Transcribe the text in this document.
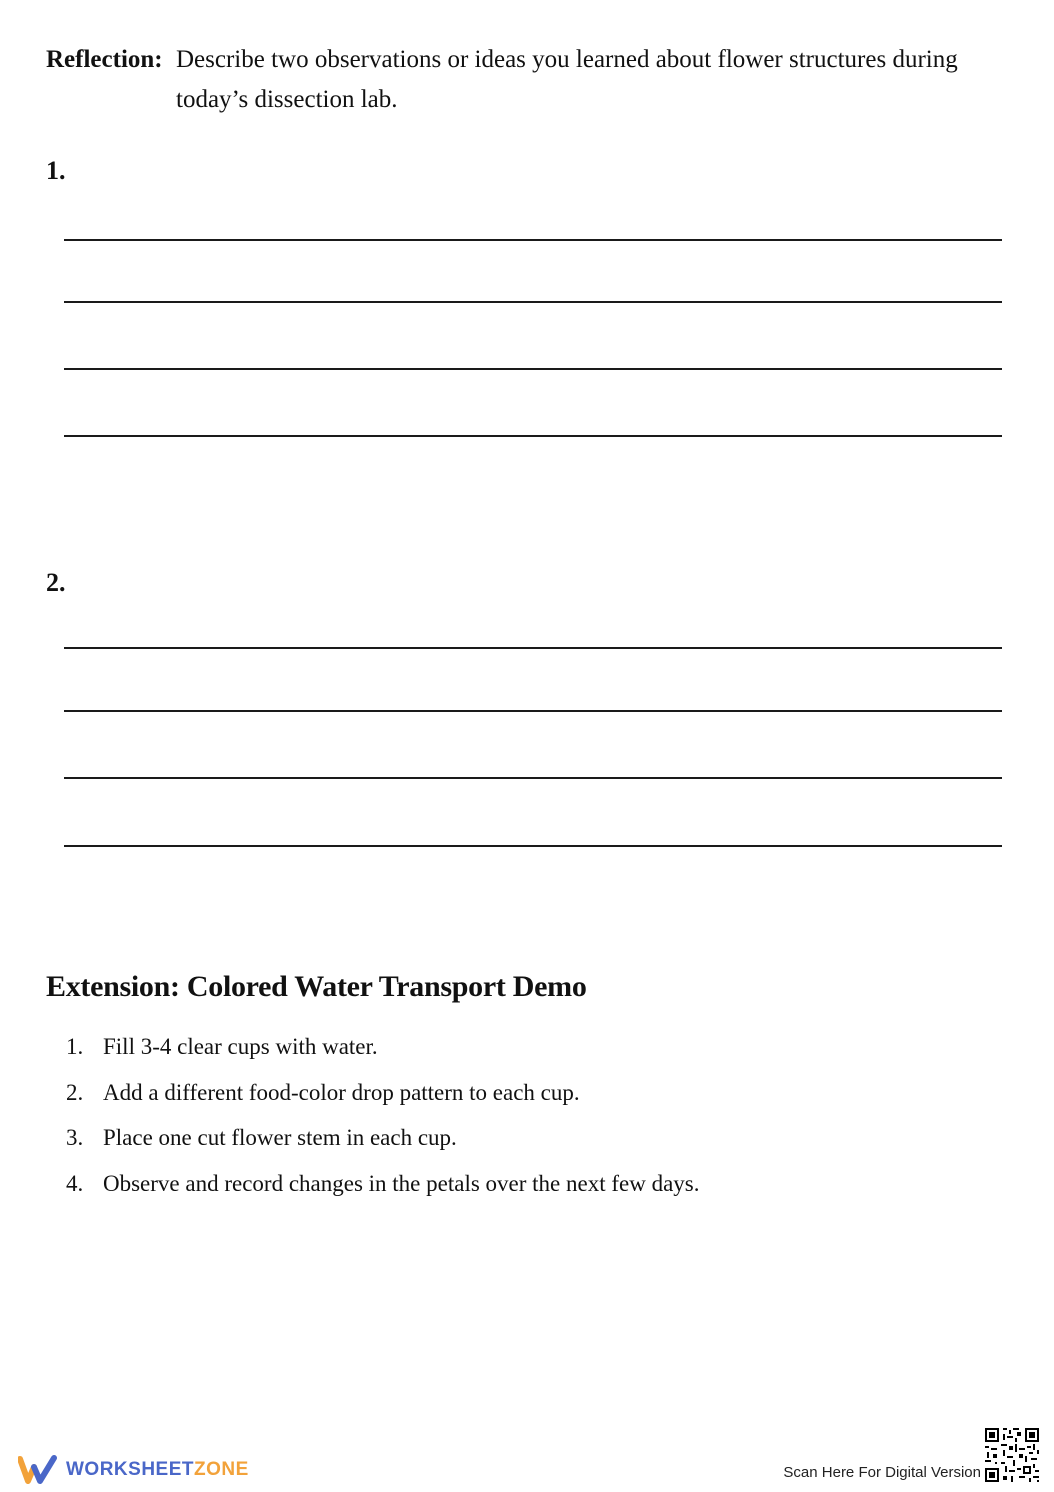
Reflection: Describe two observations or ideas you learned about flower structures during today’s dissection lab.
1.
2.
Extension: Colored Water Transport Demo
1. Fill 3-4 clear cups with water.
2. Add a different food-color drop pattern to each cup.
3. Place one cut flower stem in each cup.
4. Observe and record changes in the petals over the next few days.
WORKSHEETZONE	Scan Here For Digital Version
